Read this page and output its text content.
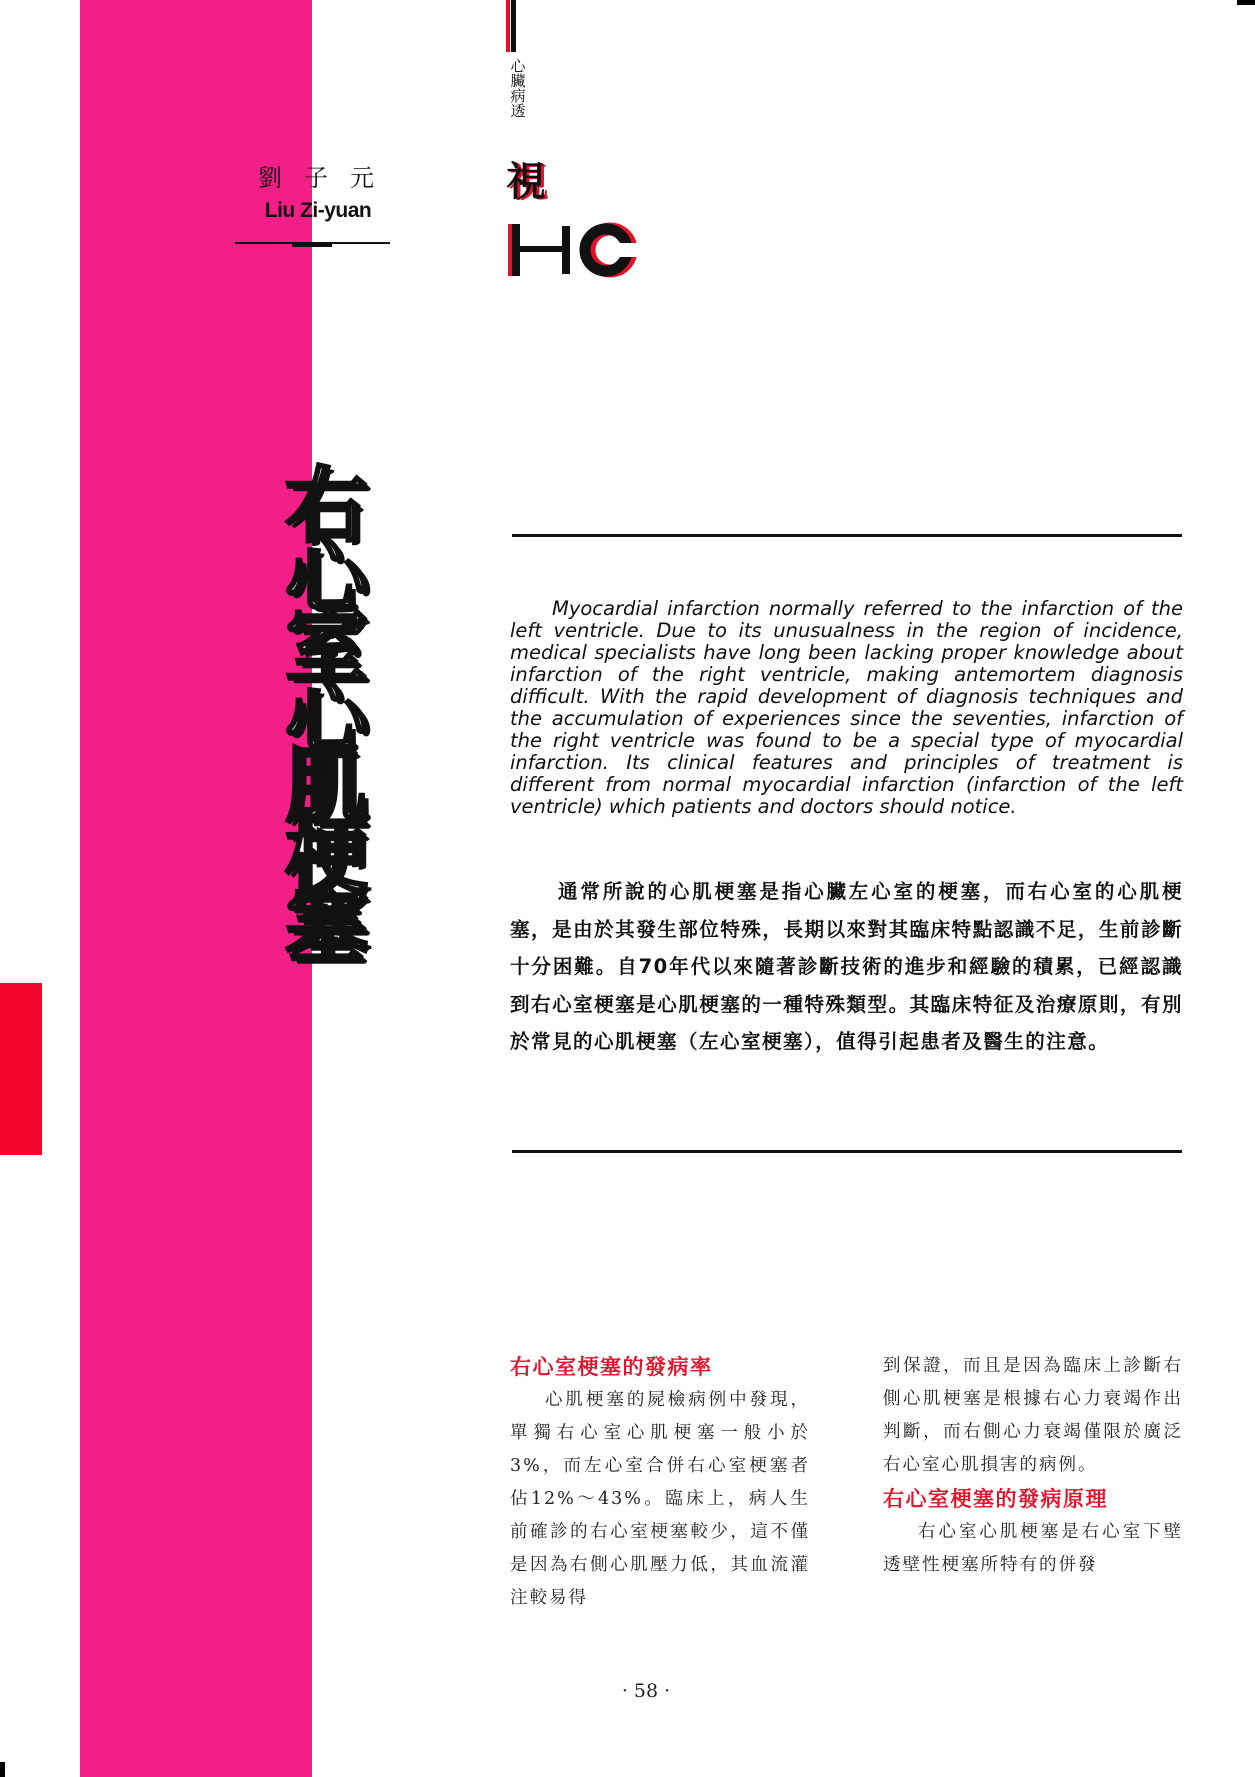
劉子元
Liu Zi-yuan
心臟病透
視
右心室心肌梗塞	Myocardial infarction normally referred to the infarction of the left ventricle. Due to its unusualness in the region of incidence, medical specialists have long been lacking proper knowledge about infarction of the right ventricle, making antemortem diagnosis difficult. With the rapid development of diagnosis techniques and the accumulation of experiences since the seventies, infarction of the right ventricle was found to be a special type of myocardial infarction. Its clinical features and principles of treatment is different from normal myocardial infarction (infarction of the left ventricle) which patients and doctors should notice.
通常所說的心肌梗塞是指心臟左心室的梗塞，而右心室的心肌梗塞，是由於其發生部位特殊，長期以來對其臨床特點認識不足，生前診斷十分困難。自70年代以來隨著診斷技術的進步和經驗的積累，已經認識到右心室梗塞是心肌梗塞的一種特殊類型。其臨床特征及治療原則，有別於常見的心肌梗塞（左心室梗塞），值得引起患者及醫生的注意。
右心室梗塞的發病率

心肌梗塞的屍檢病例中發現，單獨右心室心肌梗塞一般小於3%，而左心室合併右心室梗塞者佔12%～43%。臨床上，病人生前確診的右心室梗塞較少，這不僅是因為右側心肌壓力低，其血流灌注較易得

到保證，而且是因為臨床上診斷右側心肌梗塞是根據右心力衰竭作出判斷，而右側心力衰竭僅限於廣泛右心室心肌損害的病例。

右心室梗塞的發病原理

右心室心肌梗塞是右心室下壁透壁性梗塞所特有的併發

· 58 ·
